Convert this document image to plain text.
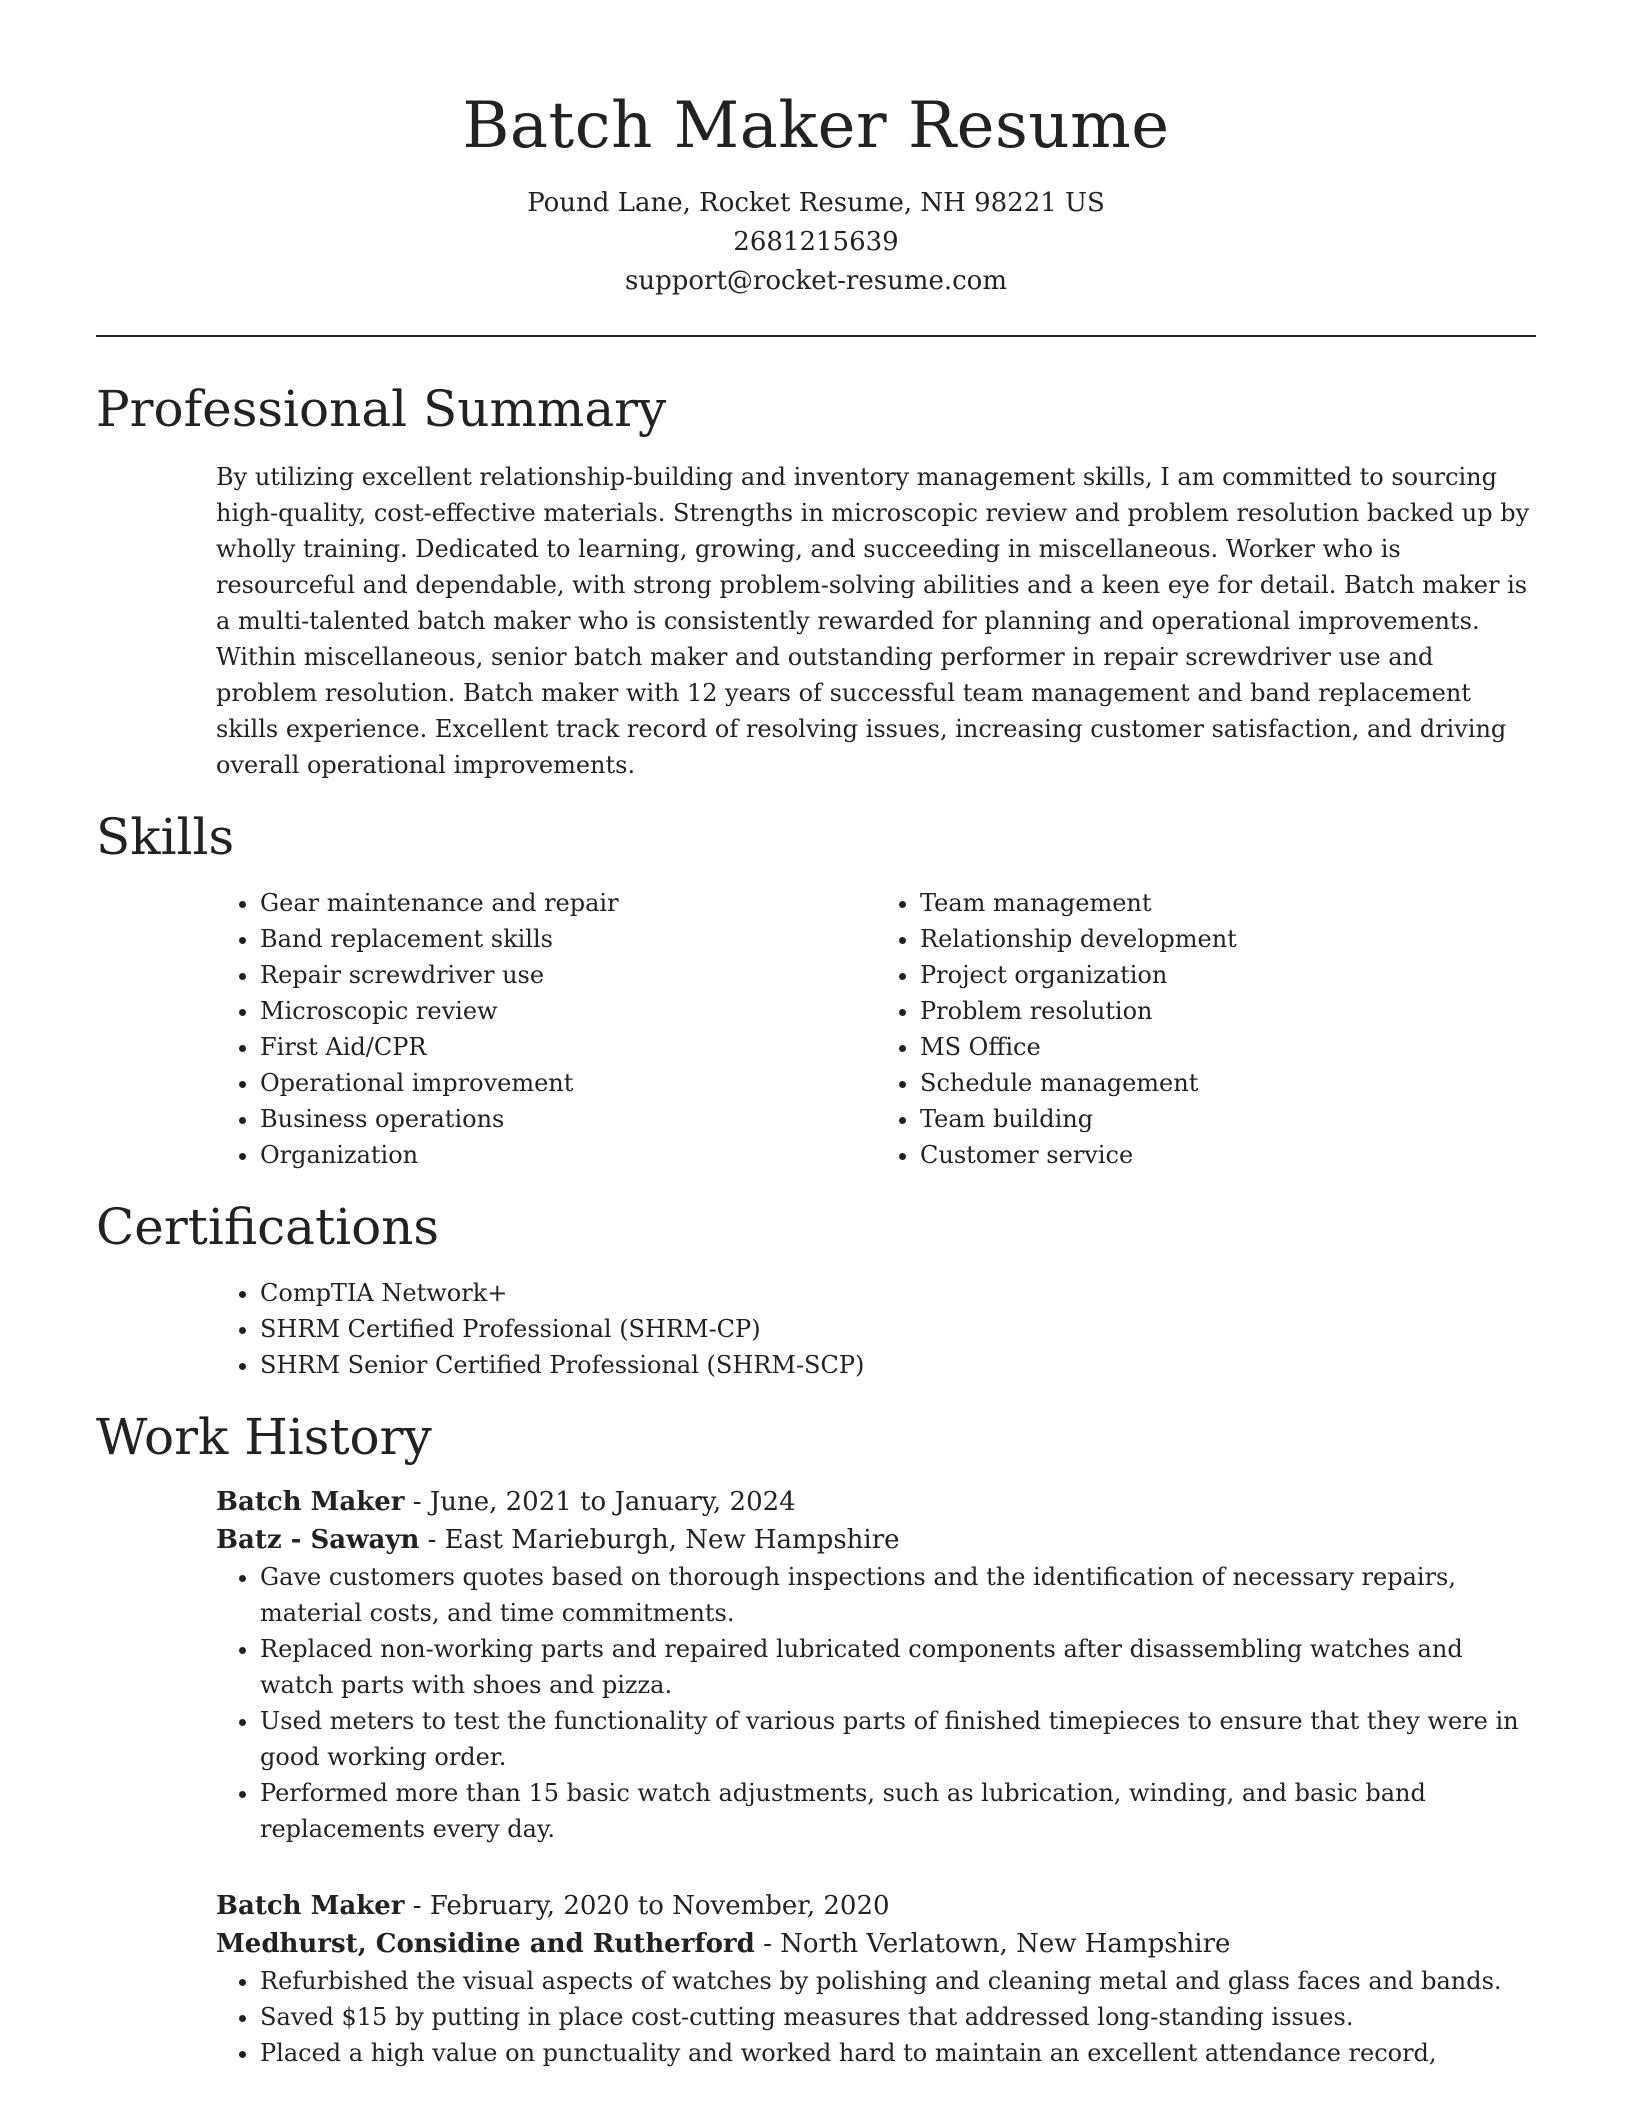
Batch Maker Resume
Pound Lane, Rocket Resume, NH 98221 US
2681215639
support@rocket-resume.com
Professional Summary

By utilizing excellent relationship-building and inventory management skills, I am committed to sourcing high-quality, cost-effective materials. Strengths in microscopic review and problem resolution backed up by wholly training. Dedicated to learning, growing, and succeeding in miscellaneous. Worker who is resourceful and dependable, with strong problem-solving abilities and a keen eye for detail. Batch maker is a multi-talented batch maker who is consistently rewarded for planning and operational improvements. Within miscellaneous, senior batch maker and outstanding performer in repair screwdriver use and problem resolution. Batch maker with 12 years of successful team management and band replacement skills experience. Excellent track record of resolving issues, increasing customer satisfaction, and driving overall operational improvements.

Skills
• Gear maintenance and repair
• Band replacement skills
• Repair screwdriver use
• Microscopic review
• First Aid/CPR
• Operational improvement
• Business operations
• Organization
• Team management
• Relationship development
• Project organization
• Problem resolution
• MS Office
• Schedule management
• Team building
• Customer service
Certifications
• CompTIA Network+
• SHRM Certified Professional (SHRM-CP)
• SHRM Senior Certified Professional (SHRM-SCP)
Work History
Batch Maker - June, 2021 to January, 2024
Batz - Sawayn - East Marieburgh, New Hampshire
• Gave customers quotes based on thorough inspections and the identification of necessary repairs, material costs, and time commitments.
• Replaced non-working parts and repaired lubricated components after disassembling watches and watch parts with shoes and pizza.
• Used meters to test the functionality of various parts of finished timepieces to ensure that they were in good working order.
• Performed more than 15 basic watch adjustments, such as lubrication, winding, and basic band replacements every day.
Batch Maker - February, 2020 to November, 2020
Medhurst, Considine and Rutherford - North Verlatown, New Hampshire
• Refurbished the visual aspects of watches by polishing and cleaning metal and glass faces and bands.
• Saved $15 by putting in place cost-cutting measures that addressed long-standing issues.
• Placed a high value on punctuality and worked hard to maintain an excellent attendance record,
